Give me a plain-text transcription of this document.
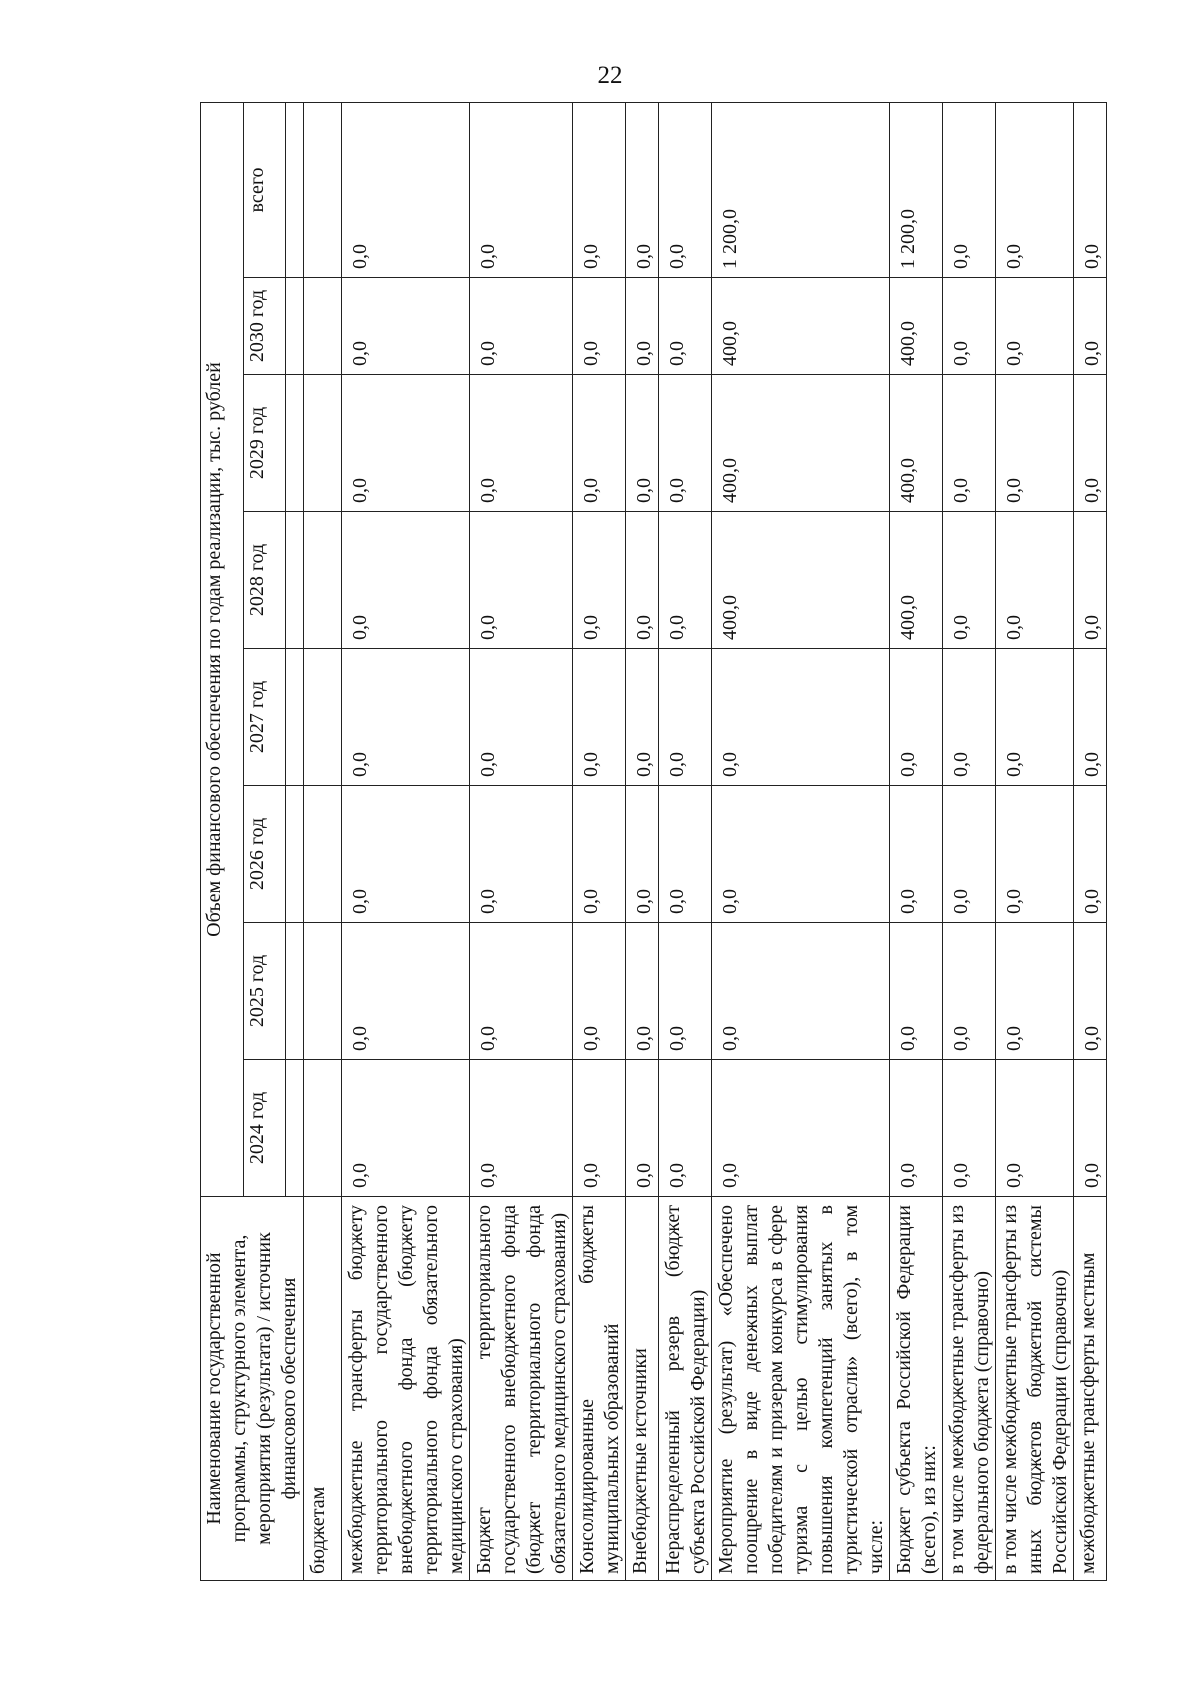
22
Наименование государственной программы, структурного элемента, мероприятия (результата) / источник финансового обеспечения	Объем финансового обеспечения по годам реализации, тыс. рублей							
	2024 год	2025 год	2026 год	2027 год	2028 год	2029 год	2030 год	всего

бюджетам								
межбюджетные трансферты бюджету территориального государственного внебюджетного фонда (бюджету территориального фонда обязательного медицинского страхования)	0,0	0,0	0,0	0,0	0,0	0,0	0,0	0,0
Бюджет территориального государственного внебюджетного фонда (бюджет территориального фонда обязательного медицинского страхования)	0,0	0,0	0,0	0,0	0,0	0,0	0,0	0,0
Консолидированные бюджеты муниципальных образований	0,0	0,0	0,0	0,0	0,0	0,0	0,0	0,0
Внебюджетные источники	0,0	0,0	0,0	0,0	0,0	0,0	0,0	0,0
Нераспределенный резерв (бюджет субъекта Российской Федерации)	0,0	0,0	0,0	0,0	0,0	0,0	0,0	0,0
Мероприятие (результат) «Обеспечено поощрение в виде денежных выплат победителям и призерам конкурса в сфере туризма с целью стимулирования повышения компетенций занятых в туристической отрасли» (всего), в том числе:	0,0	0,0	0,0	0,0	400,0	400,0	400,0	1 200,0
Бюджет субъекта Российской Федерации (всего), из них:	0,0	0,0	0,0	0,0	400,0	400,0	400,0	1 200,0
в том числе межбюджетные трансферты из федерального бюджета (справочно)	0,0	0,0	0,0	0,0	0,0	0,0	0,0	0,0
в том числе межбюджетные трансферты из иных бюджетов бюджетной системы Российской Федерации (справочно)	0,0	0,0	0,0	0,0	0,0	0,0	0,0	0,0
межбюджетные трансферты местным	0,0	0,0	0,0	0,0	0,0	0,0	0,0	0,0
